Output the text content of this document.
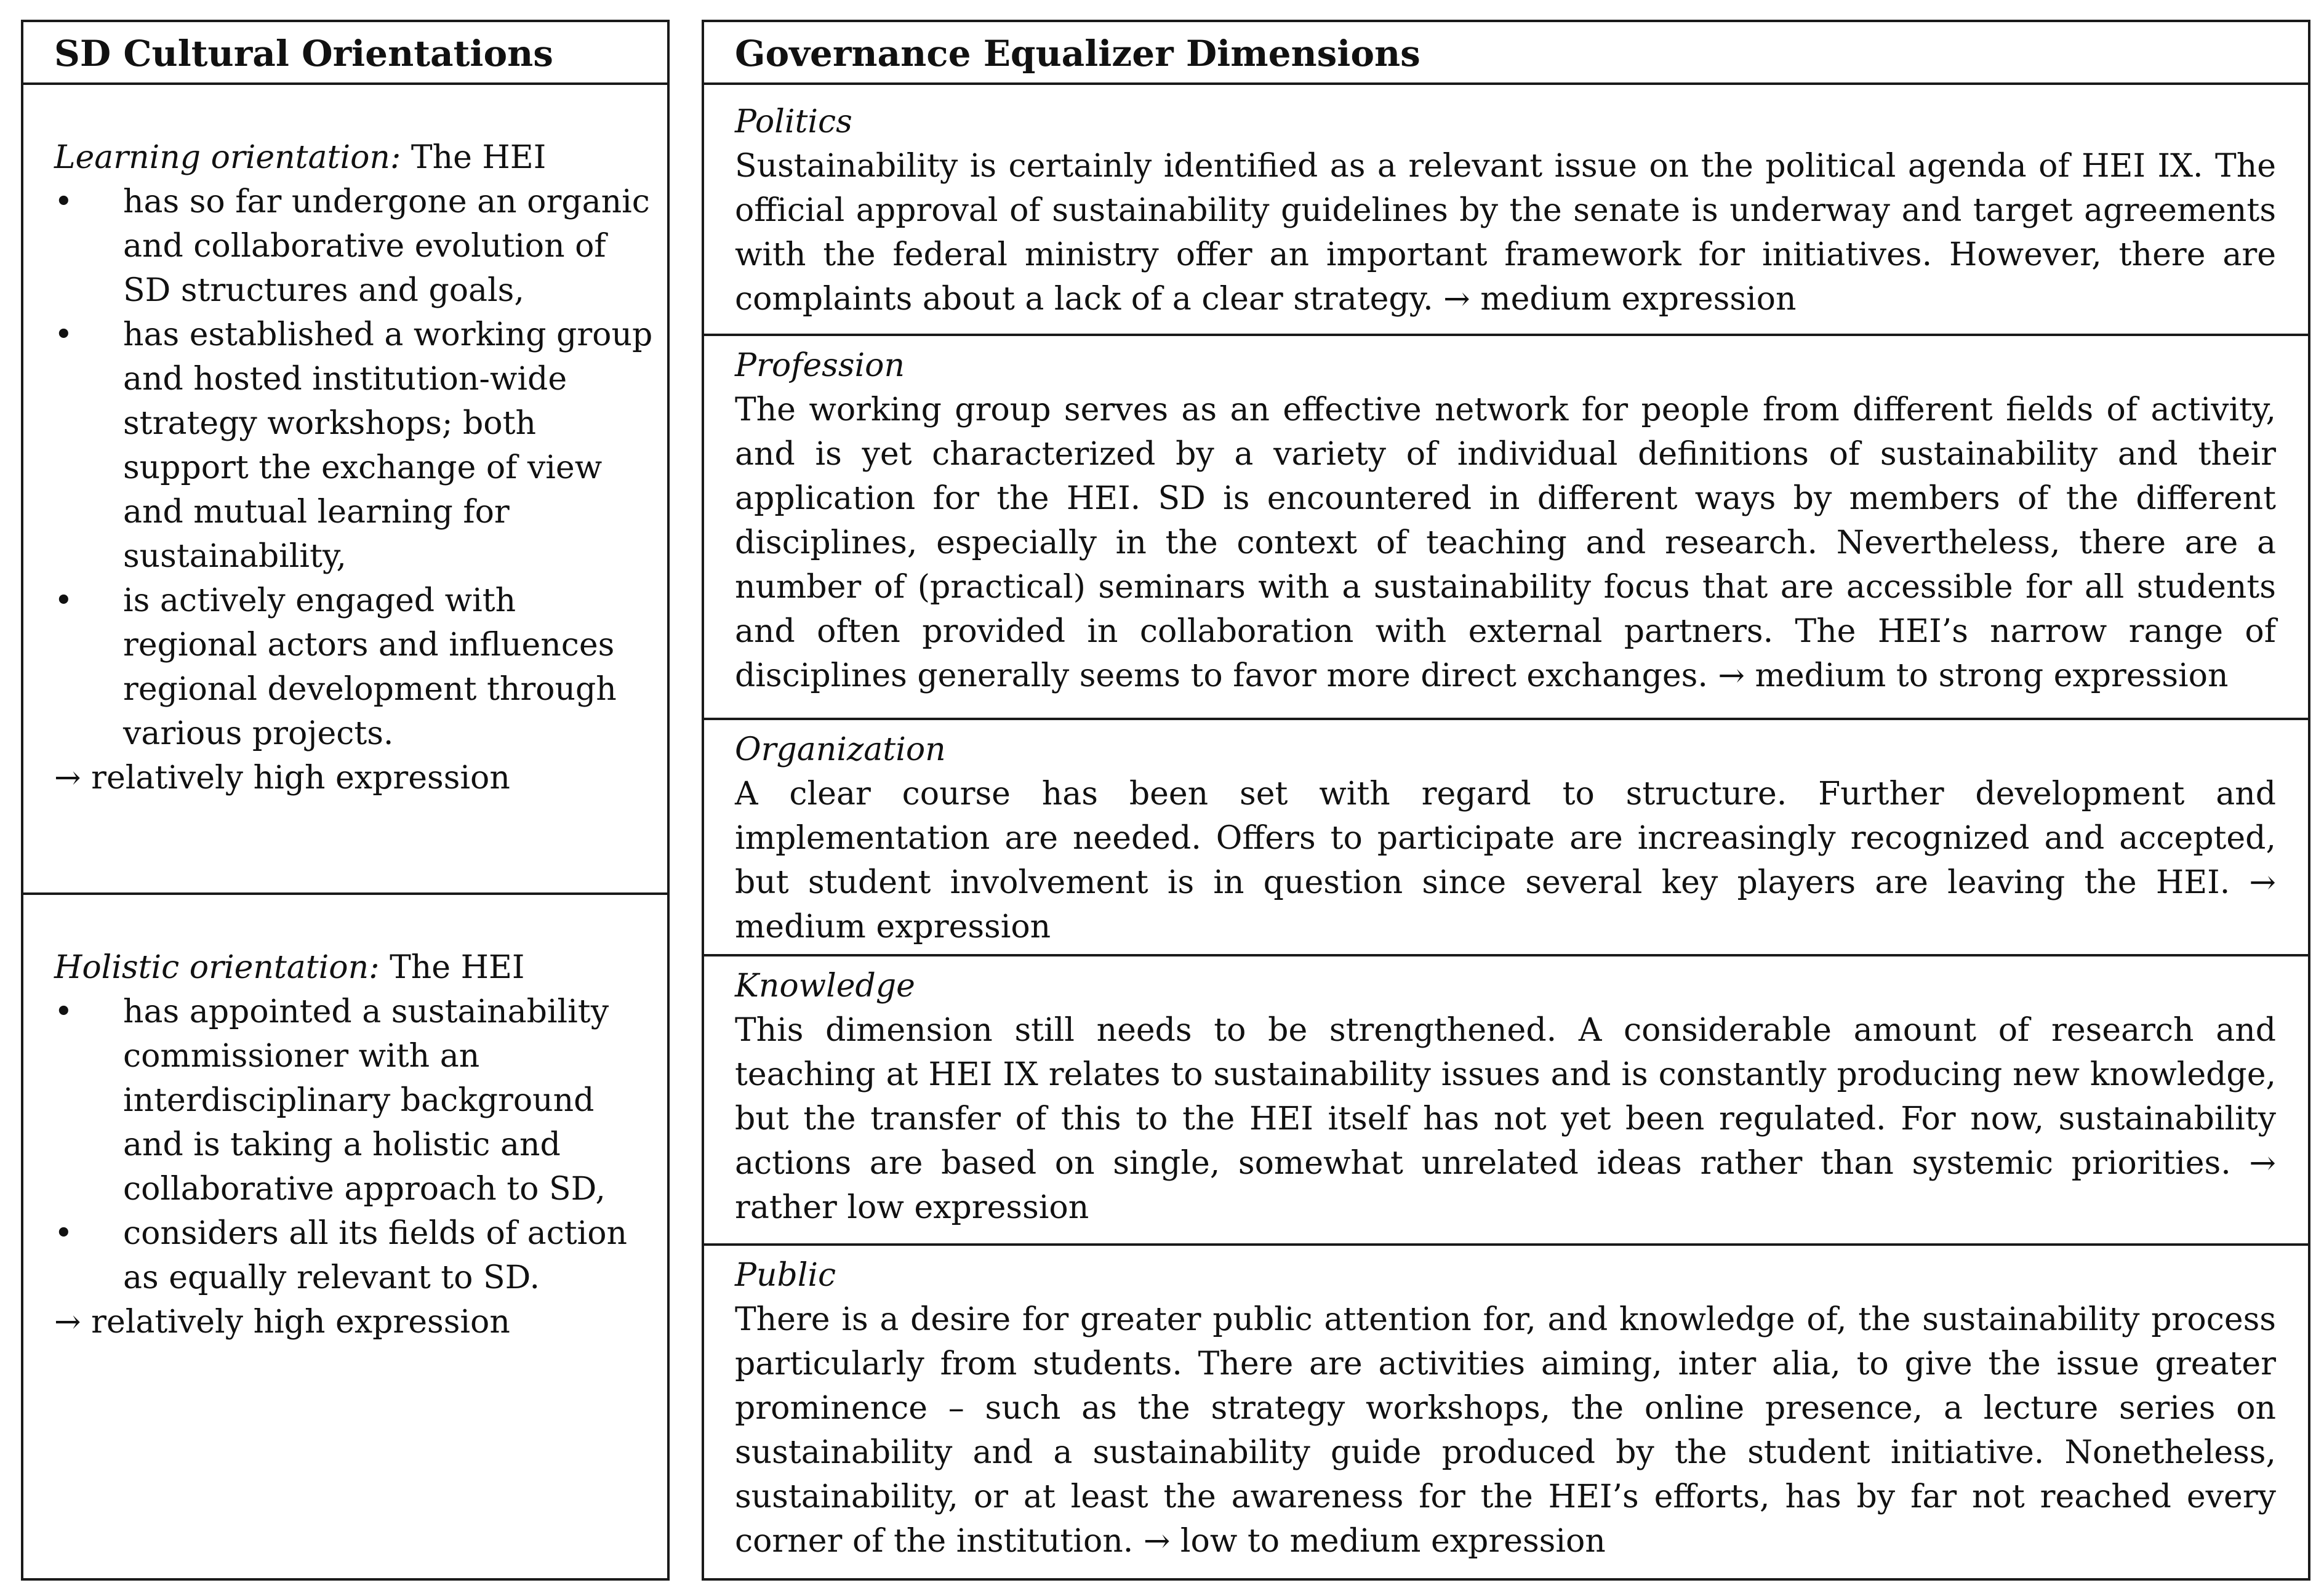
SD Cultural Orientations
Learning orientation: The HEI
• has so far undergone an organic and collaborative evolution of SD structures and goals,
• has established a working group and hosted institution-wide strategy workshops; both support the exchange of view and mutual learning for sustainability,
• is actively engaged with regional actors and influences regional development through various projects.
→ relatively high expression
Holistic orientation: The HEI
• has appointed a sustainability commissioner with an interdisciplinary background and is taking a holistic and collaborative approach to SD,
• considers all its fields of action as equally relevant to SD.
→ relatively high expression
Governance Equalizer Dimensions
Politics
Sustainability is certainly identified as a relevant issue on the political agenda of HEI IX. The official approval of sustainability guidelines by the senate is underway and target agreements with the federal ministry offer an important framework for initiatives. However, there are complaints about a lack of a clear strategy. → medium expression
Profession
The working group serves as an effective network for people from different fields of activity, and is yet characterized by a variety of individual definitions of sustainability and their application for the HEI. SD is encountered in different ways by members of the different disciplines, especially in the context of teaching and research. Nevertheless, there are a number of (practical) seminars with a sustainability focus that are accessible for all students and often provided in collaboration with external partners. The HEI’s narrow range of disciplines generally seems to favor more direct exchanges. → medium to strong expression
Organization
A clear course has been set with regard to structure. Further development and implementation are needed. Offers to participate are increasingly recognized and accepted, but student involvement is in question since several key players are leaving the HEI. → medium expression
Knowledge
This dimension still needs to be strengthened. A considerable amount of research and teaching at HEI IX relates to sustainability issues and is constantly producing new knowledge, but the transfer of this to the HEI itself has not yet been regulated. For now, sustainability actions are based on single, somewhat unrelated ideas rather than systemic priorities. → rather low expression
Public
There is a desire for greater public attention for, and knowledge of, the sustainability process particularly from students. There are activities aiming, inter alia, to give the issue greater prominence – such as the strategy workshops, the online presence, a lecture series on sustainability and a sustainability guide produced by the student initiative. Nonetheless, sustainability, or at least the awareness for the HEI’s efforts, has by far not reached every corner of the institution. → low to medium expression
